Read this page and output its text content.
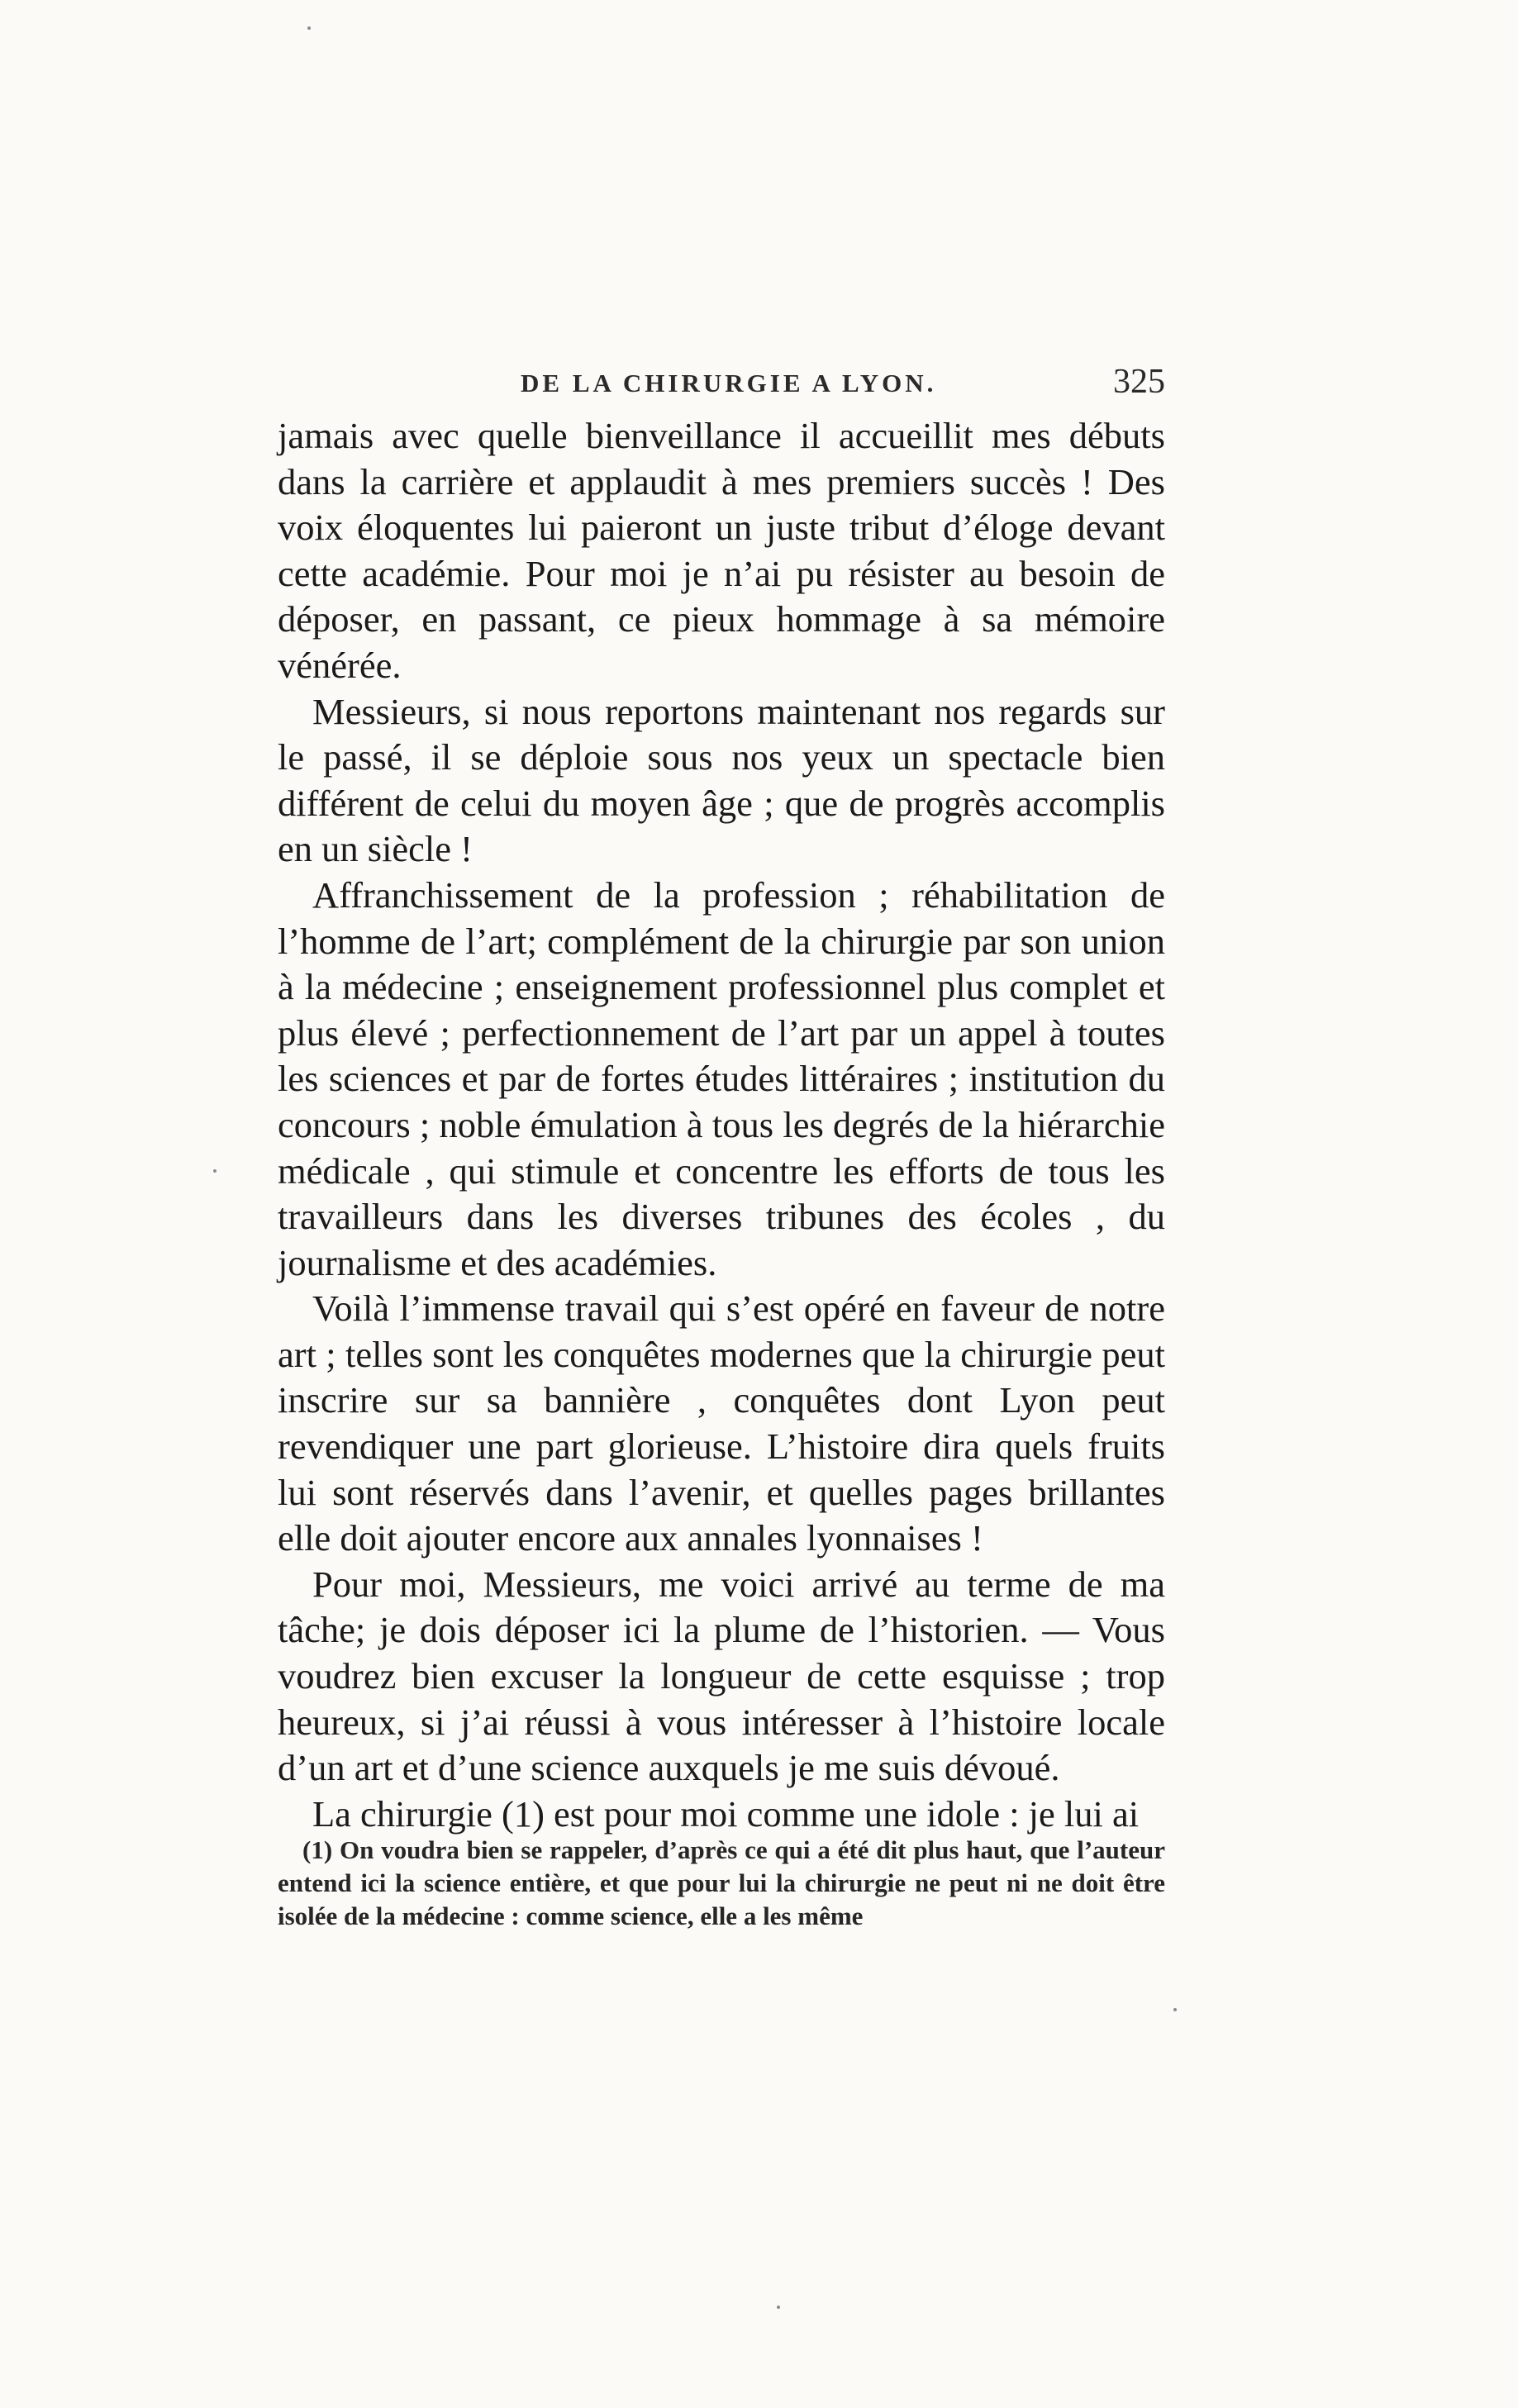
DE LA CHIRURGIE A LYON.	325

jamais avec quelle bienveillance il accueillit mes débuts dans la carrière et applaudit à mes premiers succès ! Des voix éloquentes lui paieront un juste tribut d’éloge devant cette académie. Pour moi je n’ai pu résister au besoin de déposer, en passant, ce pieux hommage à sa mémoire vénérée.

Messieurs, si nous reportons maintenant nos regards sur le passé, il se déploie sous nos yeux un spectacle bien différent de celui du moyen âge ; que de progrès accomplis en un siècle !

Affranchissement de la profession ; réhabilitation de l’homme de l’art; complément de la chirurgie par son union à la médecine ; enseignement professionnel plus complet et plus élevé ; perfectionnement de l’art par un appel à toutes les sciences et par de fortes études littéraires ; institution du concours ; noble émulation à tous les degrés de la hiérarchie médicale , qui stimule et concentre les efforts de tous les travailleurs dans les diverses tribunes des écoles , du journalisme et des académies.

Voilà l’immense travail qui s’est opéré en faveur de notre art ; telles sont les conquêtes modernes que la chirurgie peut inscrire sur sa bannière , conquêtes dont Lyon peut revendiquer une part glorieuse. L’histoire dira quels fruits lui sont réservés dans l’avenir, et quelles pages brillantes elle doit ajouter encore aux annales lyonnaises !

Pour moi, Messieurs, me voici arrivé au terme de ma tâche; je dois déposer ici la plume de l’historien. — Vous voudrez bien excuser la longueur de cette esquisse ; trop heureux, si j’ai réussi à vous intéresser à l’histoire locale d’un art et d’une science auxquels je me suis dévoué.

La chirurgie (1) est pour moi comme une idole : je lui ai

(1) On voudra bien se rappeler, d’après ce qui a été dit plus haut, que l’auteur entend ici la science entière, et que pour lui la chirurgie ne peut ni ne doit être isolée de la médecine : comme science, elle a les même
